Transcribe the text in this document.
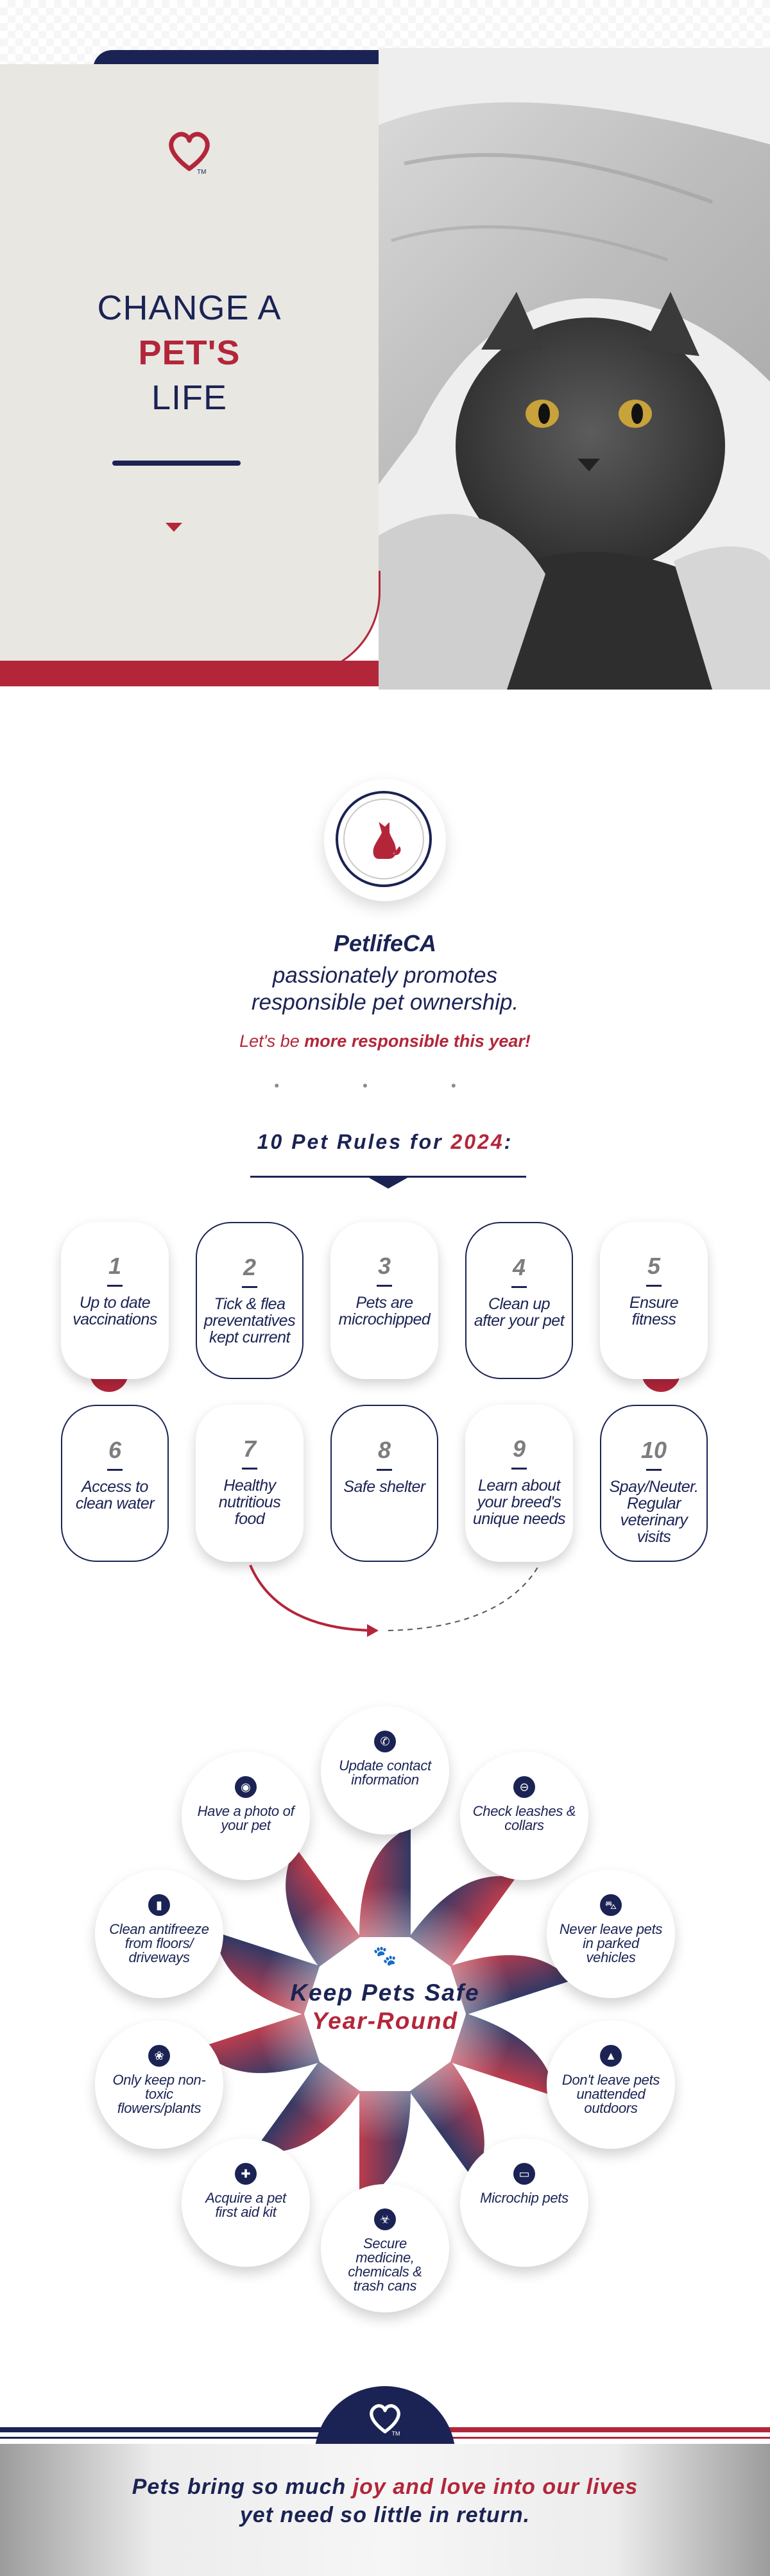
TM
CHANGE A
PET'S
LIFE
PetlifeCA
passionately promotes
responsible pet ownership.
Let's be more responsible this year!
• • •
10 Pet Rules for 2024:
1
Up to date vaccinations
2
Tick & flea preventatives kept current
3
Pets are microchipped
4
Clean up after your pet
5
Ensure fitness
6
Access to clean water
7
Healthy nutritious food
8
Safe shelter
9
Learn about your breed's unique needs
10
Spay/Neuter. Regular veterinary visits
🐾
Keep Pets Safe
Year-Round
✆
Update contact information	⊖
Check leashes & collars
⛍
Never leave pets in parked vehicles
▲
Don't leave pets unattended outdoors
▭
Microchip pets
☣
Secure medicine, chemicals & trash cans
✚
Acquire a pet first aid kit
❀
Only keep non-toxic flowers/plants
▮
Clean antifreeze from floors/ driveways
◉
Have a photo of your pet
TM
Pets bring so much joy and love into our lives
yet need so little in return.
